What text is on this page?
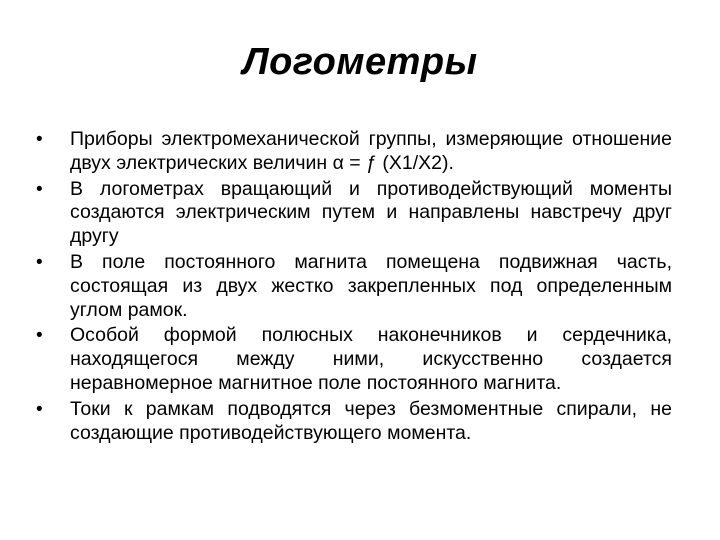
Логометры
•	Приборы электромеханической группы, измеряющие отношение двух электрических величин α = ƒ (Х1/Х2).
•	В логометрах вращающий и противодействующий моменты создаются электрическим путем и направлены навстречу друг другу
•	В поле постоянного магнита помещена подвижная часть, состоящая из двух жестко закрепленных под определенным углом рамок.
•	Особой формой полюсных наконечников и сердечника, находящегося между ними, искусственно создается неравномерное магнитное поле постоянного магнита.
•	Токи к рамкам подводятся через безмоментные спирали, не создающие противодействующего момента.
